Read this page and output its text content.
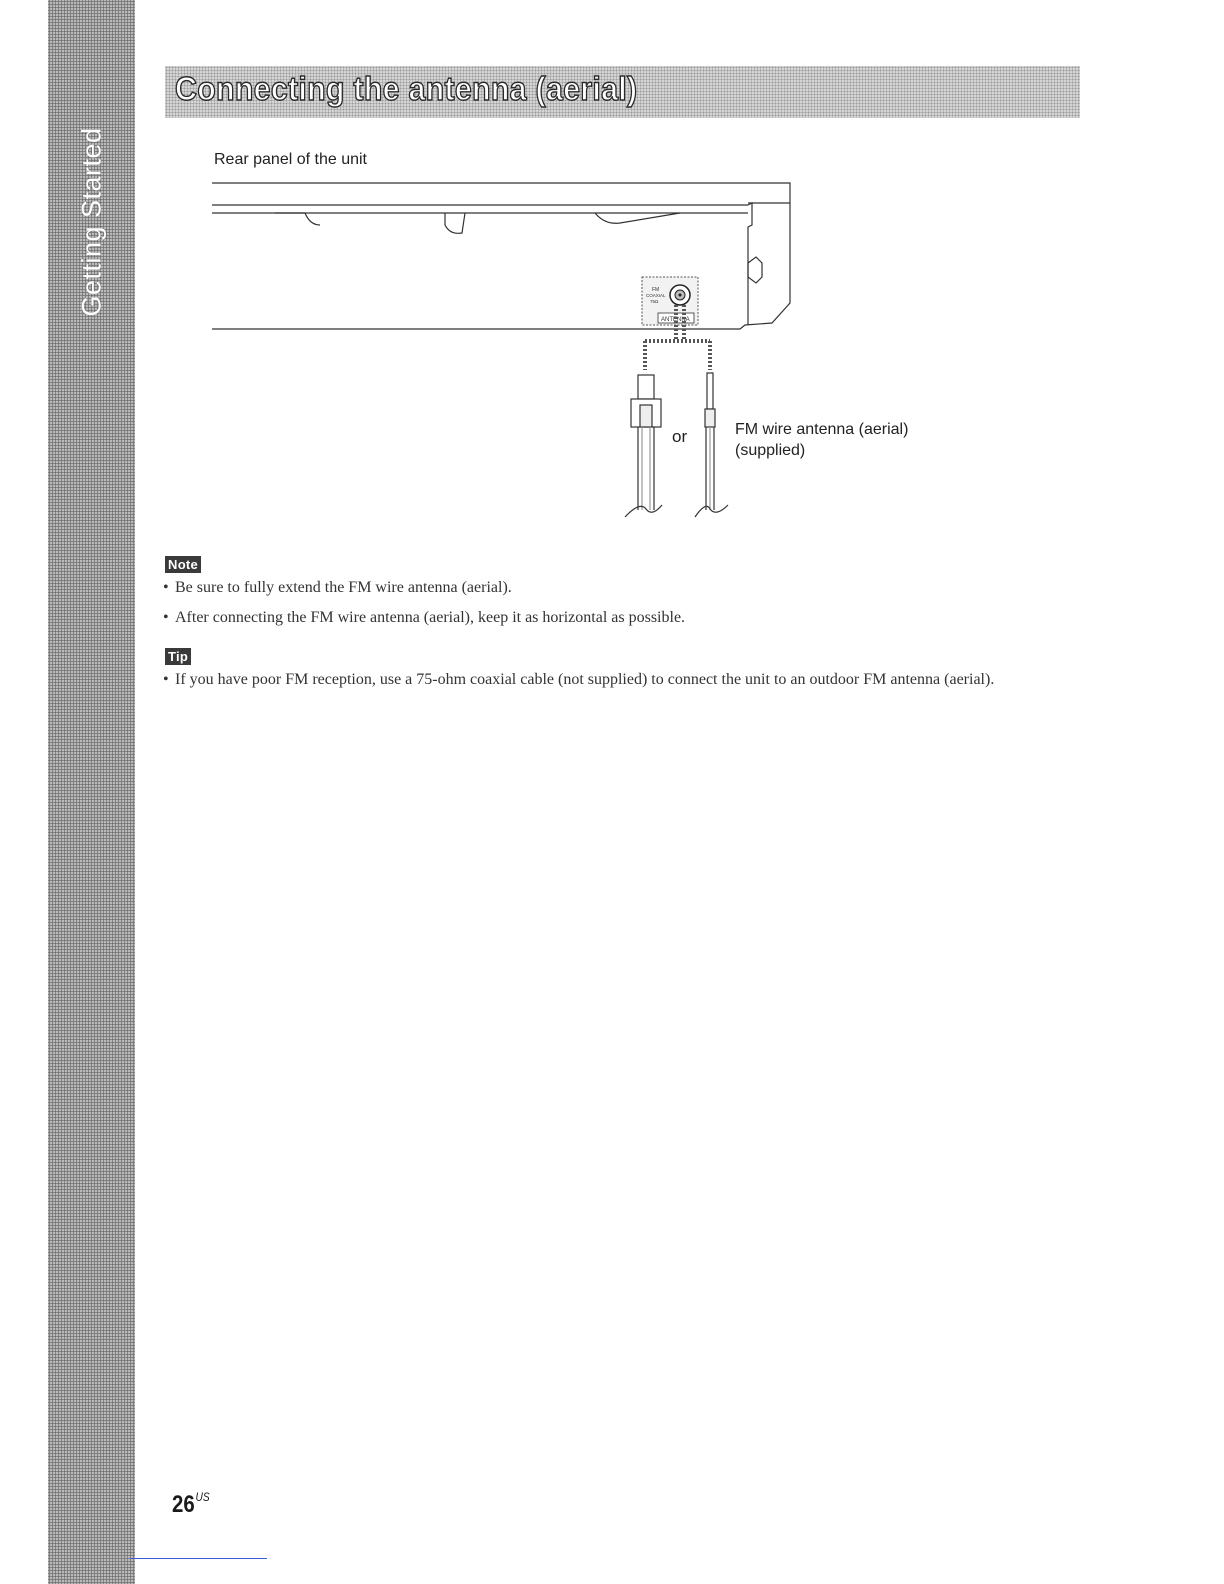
Getting Started
Connecting the antenna (aerial)
Rear panel of the unit
FM
COAXIAL
75Ω
ANTENNA
or	FM wire antenna (aerial)
(supplied)
Note
• Be sure to fully extend the FM wire antenna (aerial).
• After connecting the FM wire antenna (aerial), keep it as horizontal as possible.
Tip
• If you have poor FM reception, use a 75-ohm coaxial cable (not supplied) to connect the unit to an outdoor FM antenna (aerial).
$26^{US}$
